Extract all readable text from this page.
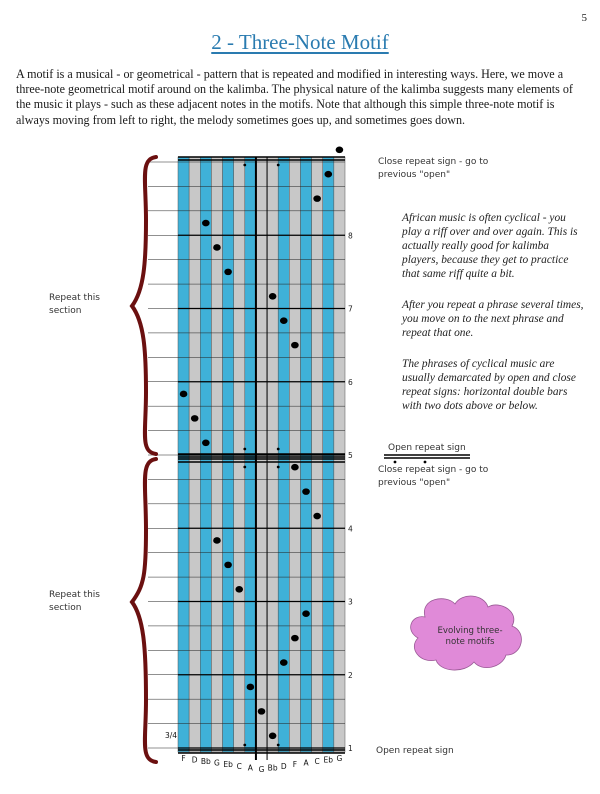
5
2 - Three-Note Motif
A motif is a musical - or geometrical - pattern that is repeated and modified in interesting ways. Here, we move a three-note geometrical motif around on the kalimba. The physical nature of the kalimba suggests many elements of the music it plays - such as these adjacent notes in the motifs. Note that although this simple three-note motif is always moving from left to right, the melody sometimes goes up, and sometimes goes down.
F D Bb G Eb C A G Bb D F A C Eb G
3/4
1
2
3
4
5
6
7
8
Close repeat sign - go to previous "open"
Close repeat sign - go to previous "open"
Open repeat sign
Open repeat sign
Repeat this section
Repeat this section
Evolving three-note motifs
African music is often cyclical - you play a riff over and over again. This is actually really good for kalimba players, because they get to practice that same riff quite a bit.
After you repeat a phrase several times, you move on to the next phrase and repeat that one.
The phrases of cyclical music are usually demarcated by open and close repeat signs: horizontal double bars with two dots above or below.
